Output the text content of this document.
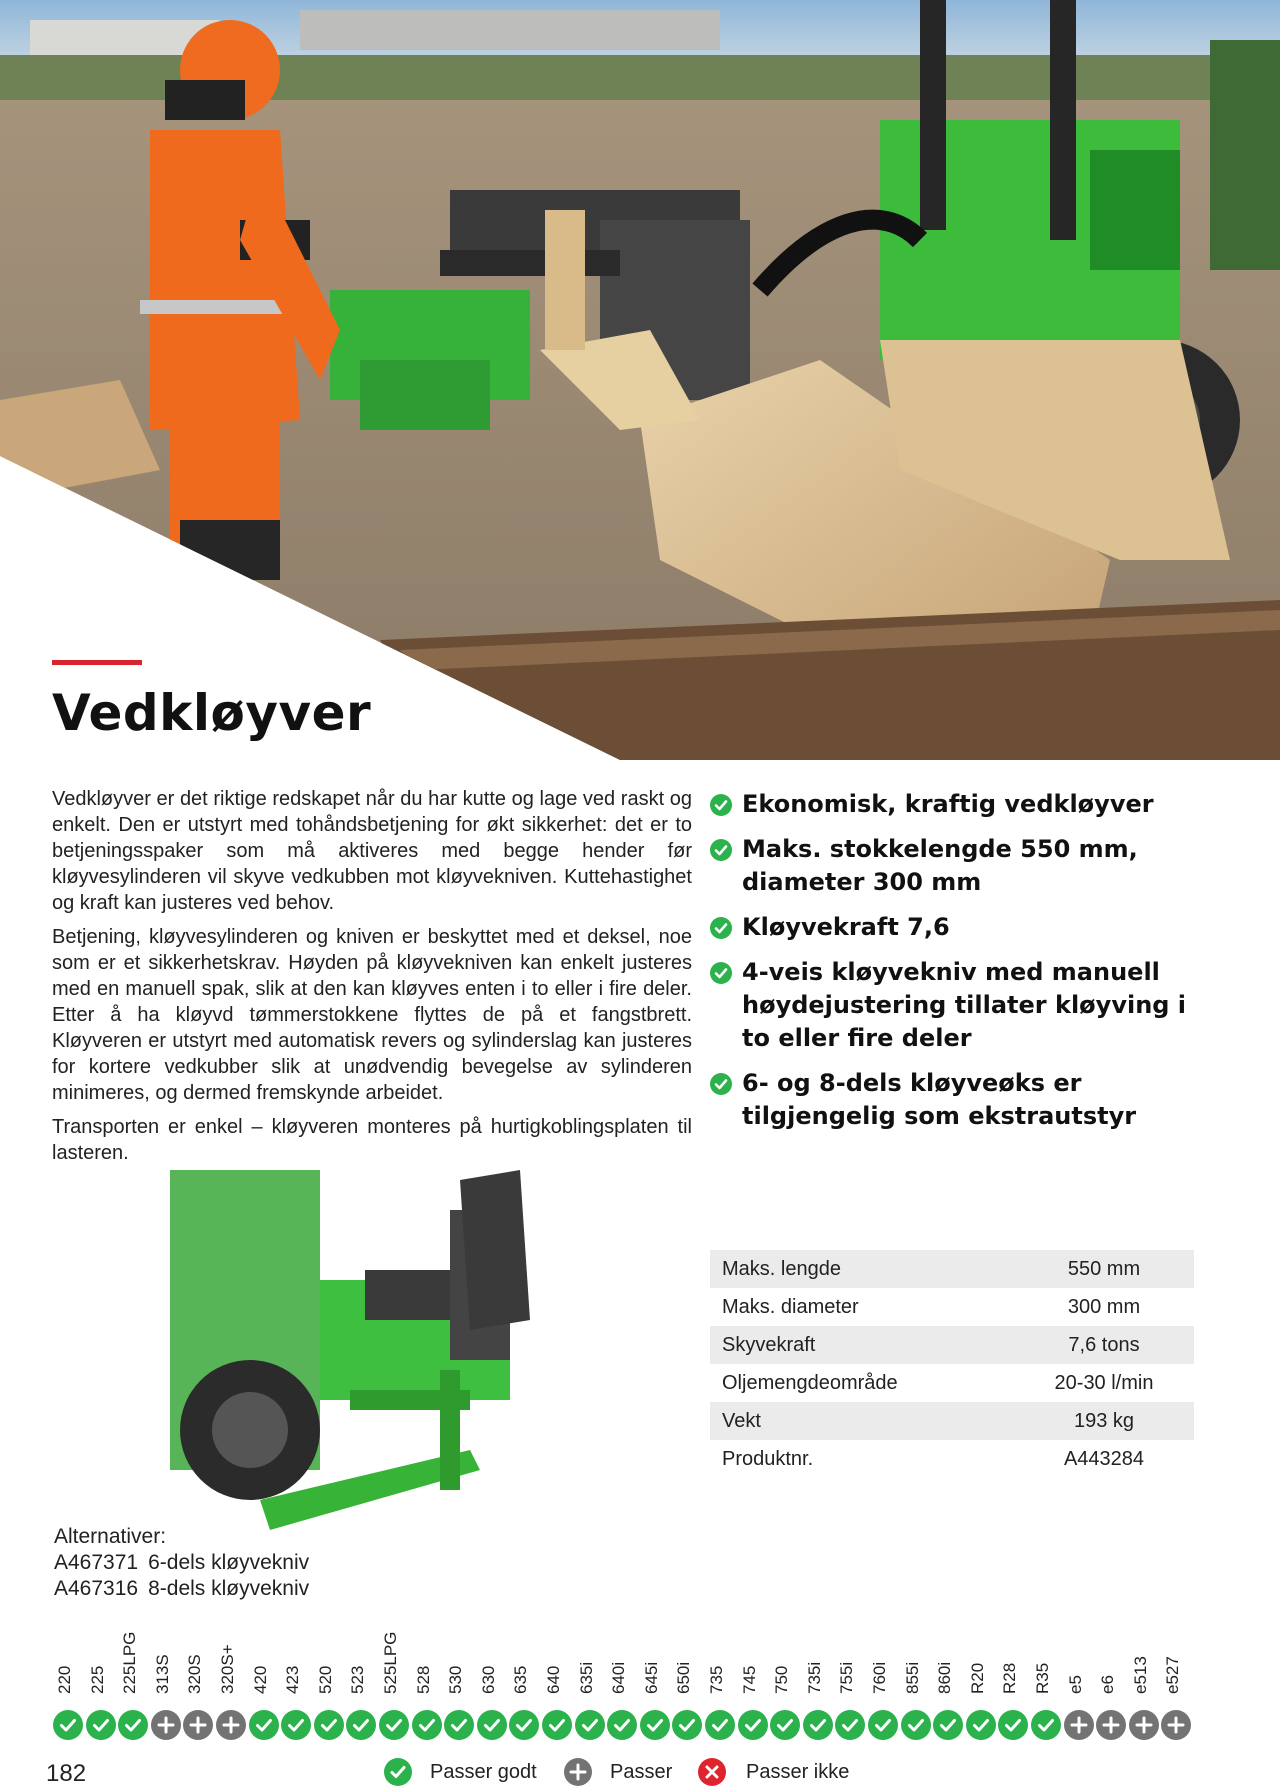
Vedkløyver

Vedkløyver er det riktige redskapet når du har kutte og lage ved raskt og enkelt. Den er utstyrt med tohåndsbetjening for økt sikkerhet: det er to betjeningsspaker som må aktiveres med begge hender før kløyvesylinderen vil skyve vedkubben mot kløyvekniven. Kuttehastighet og kraft kan justeres ved behov.

Betjening, kløyvesylinderen og kniven er beskyttet med et deksel, noe som er et sikkerhetskrav. Høyden på kløyvekniven kan enkelt justeres med en manuell spak, slik at den kan kløyves enten i to eller i fire deler. Etter å ha kløyvd tømmerstokkene flyttes de på et fangstbrett. Kløyveren er utstyrt med automatisk revers og sylinderslag kan justeres for kortere vedkubber slik at unødvendig bevegelse av sylinderen minimeres, og dermed fremskynde arbeidet.

Transporten er enkel – kløyveren monteres på hurtigkoblingsplaten til lasteren.

Ekonomisk, kraftig vedkløyver
Maks. stokkelengde 550 mm, diameter 300 mm
Kløyvekraft 7,6
4-veis kløyvekniv med manuell høydejustering tillater kløyving i to eller fire deler
6- og 8-dels kløyveøks er tilgjengelig som ekstrautstyr
Maks. lengde	550 mm
Maks. diameter	300 mm
Skyvekraft	7,6 tons
Oljemengdeområde	20-30 l/min
Vekt	193 kg
Produktnr.	A443284
Alternativer:
A467371 6-dels kløyvekniv
A467316 8-dels kløyvekniv
220 225 225LPG 313S 320S 320S+ 420 423 520 523 525LPG 528 530 630 635 640 635i 640i 645i 650i 735 745 750 735i 755i 760i 855i 860i R20 R28 R35 e5 e6 e513 e527
Passer godt	Passer	Passer ikke
182
